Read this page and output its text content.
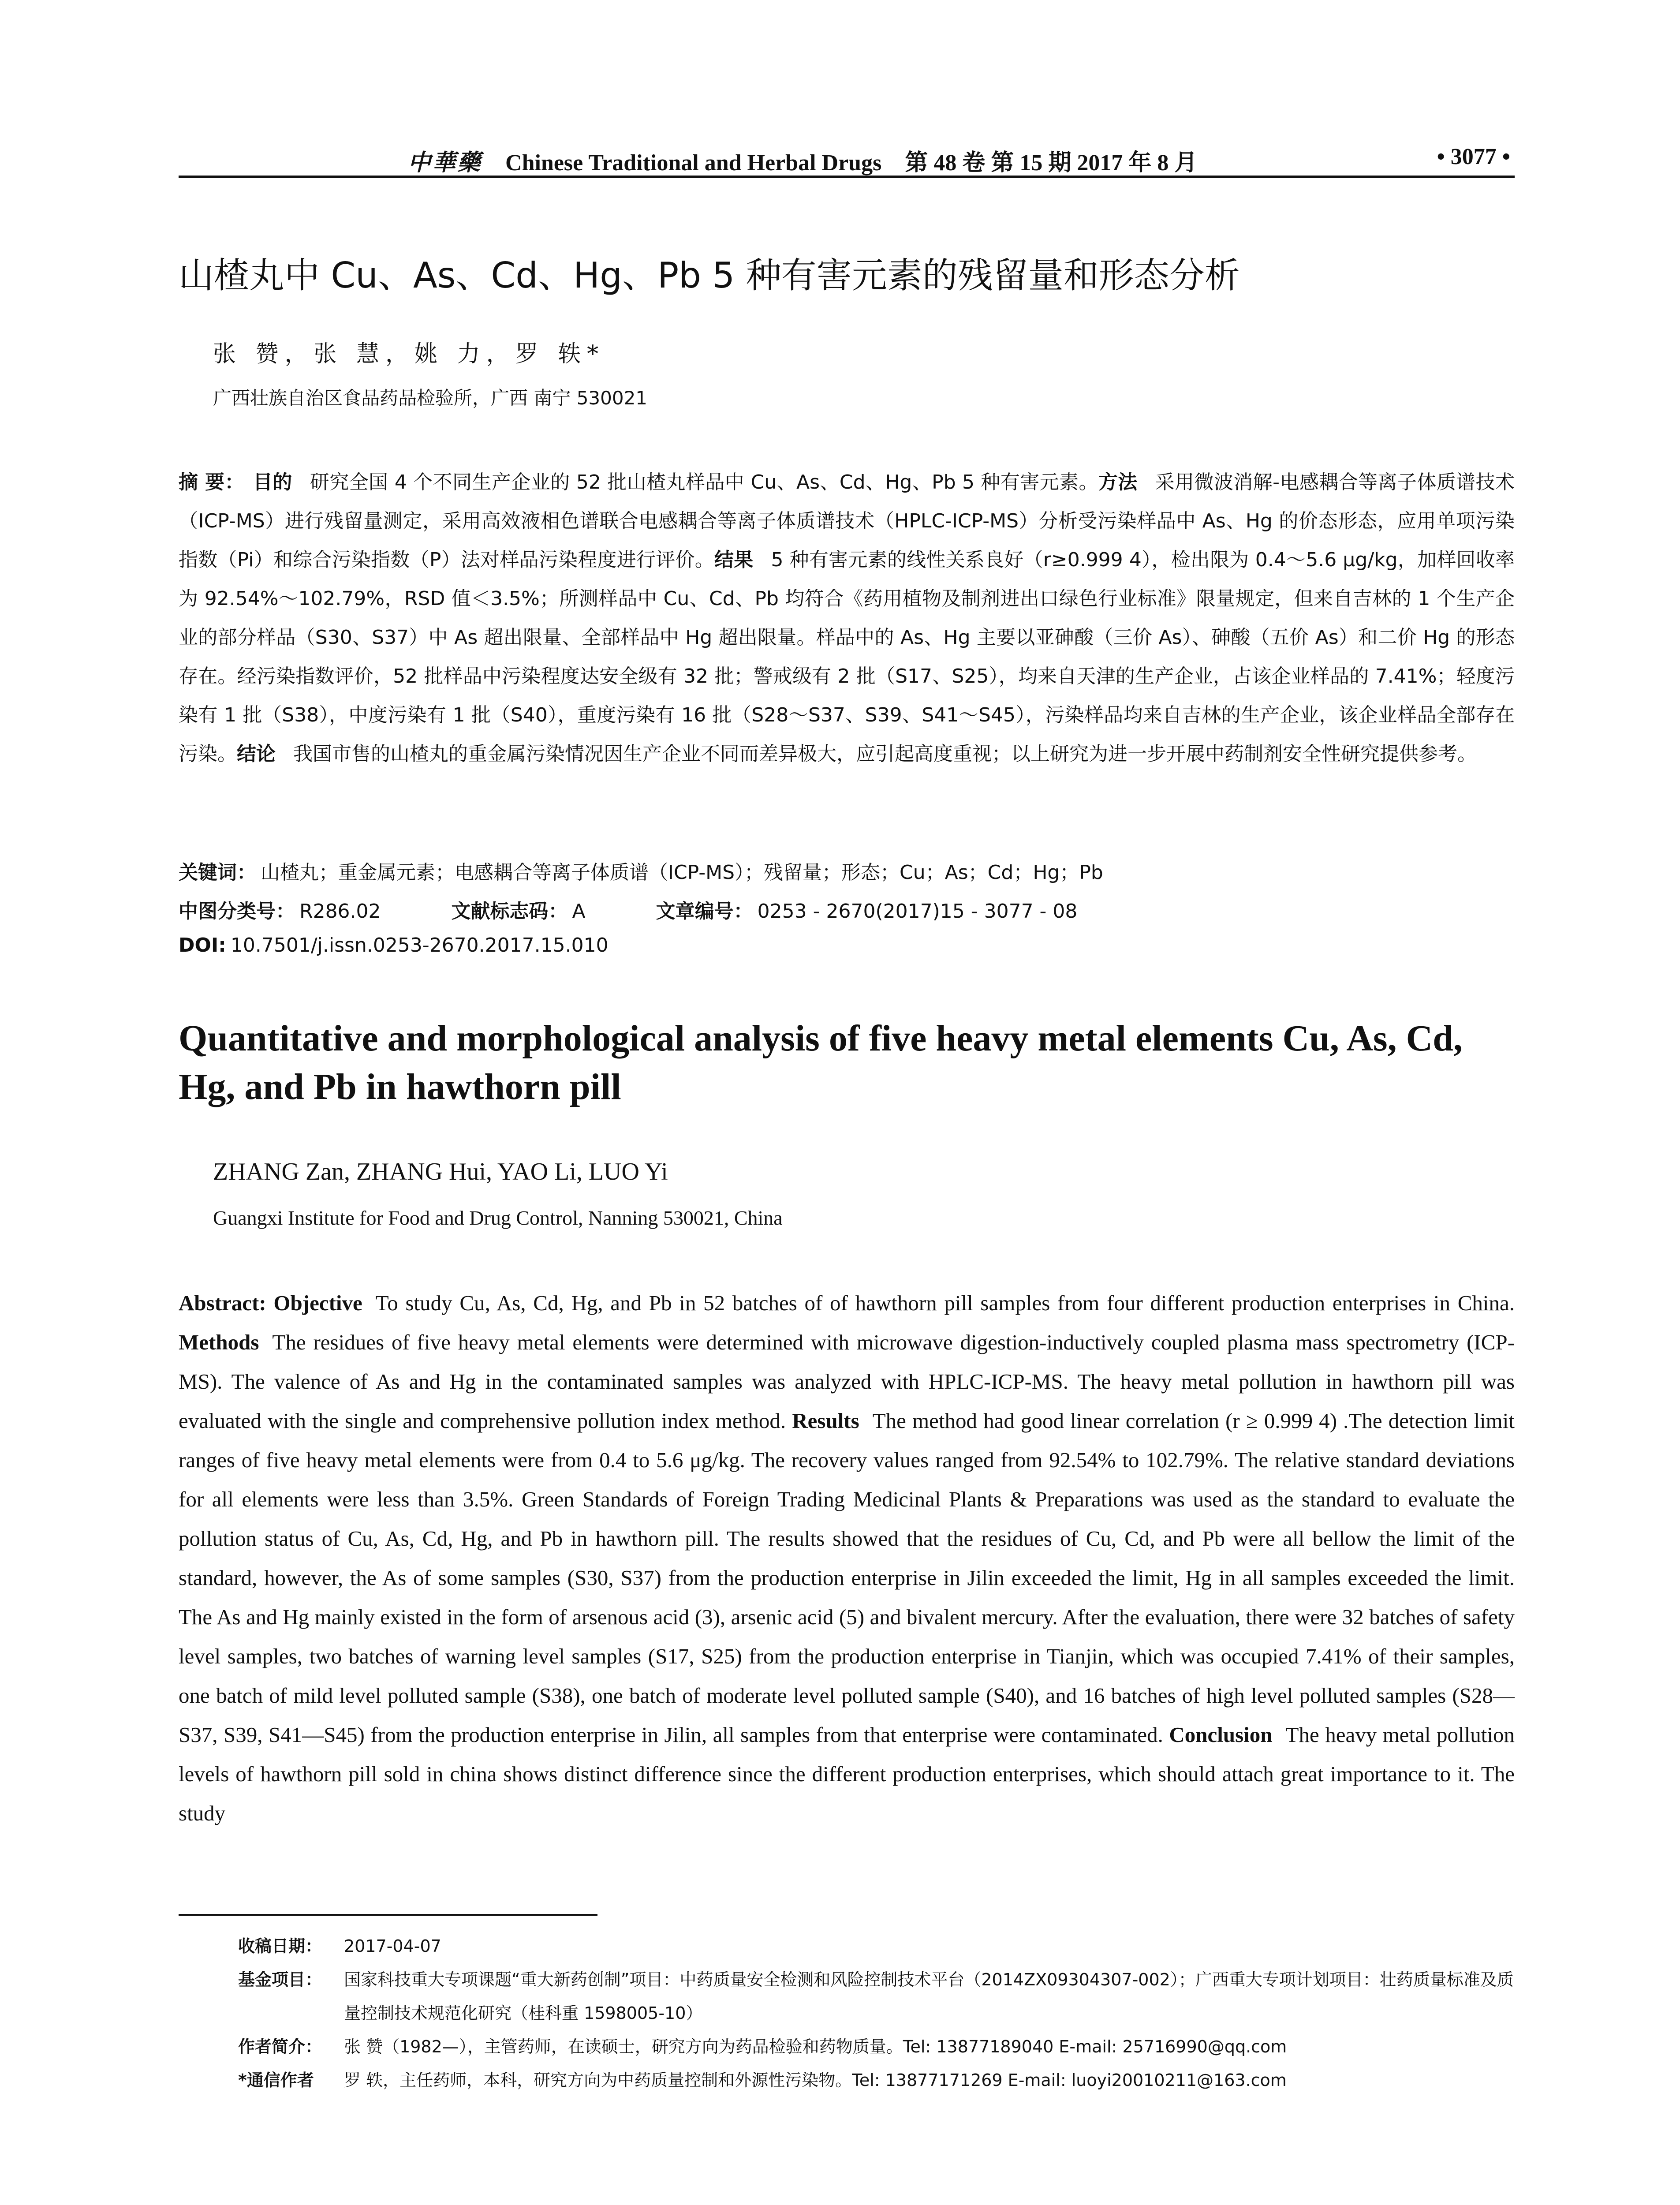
中華藥 Chinese Traditional and Herbal Drugs 第 48 卷 第 15 期 2017 年 8 月	• 3077 •
山楂丸中 Cu、As、Cd、Hg、Pb 5 种有害元素的残留量和形态分析
张 赞，张 慧，姚 力，罗 轶*
广西壮族自治区食品药品检验所，广西 南宁 530021
摘 要： 目的 研究全国 4 个不同生产企业的 52 批山楂丸样品中 Cu、As、Cd、Hg、Pb 5 种有害元素。方法 采用微波消解-电感耦合等离子体质谱技术（ICP-MS）进行残留量测定，采用高效液相色谱联合电感耦合等离子体质谱技术（HPLC-ICP-MS）分析受污染样品中 As、Hg 的价态形态，应用单项污染指数（Pi）和综合污染指数（P）法对样品污染程度进行评价。结果 5 种有害元素的线性关系良好（r≥0.999 4），检出限为 0.4～5.6 μg/kg，加样回收率为 92.54%～102.79%，RSD 值＜3.5%；所测样品中 Cu、Cd、Pb 均符合《药用植物及制剂进出口绿色行业标准》限量规定，但来自吉林的 1 个生产企业的部分样品（S30、S37）中 As 超出限量、全部样品中 Hg 超出限量。样品中的 As、Hg 主要以亚砷酸（三价 As）、砷酸（五价 As）和二价 Hg 的形态存在。经污染指数评价，52 批样品中污染程度达安全级有 32 批；警戒级有 2 批（S17、S25），均来自天津的生产企业，占该企业样品的 7.41%；轻度污染有 1 批（S38），中度污染有 1 批（S40），重度污染有 16 批（S28～S37、S39、S41～S45），污染样品均来自吉林的生产企业，该企业样品全部存在污染。结论 我国市售的山楂丸的重金属污染情况因生产企业不同而差异极大，应引起高度重视；以上研究为进一步开展中药制剂安全性研究提供参考。
关键词： 山楂丸；重金属元素；电感耦合等离子体质谱（ICP-MS）；残留量；形态；Cu；As；Cd；Hg；Pb
中图分类号： R286.02	文献标志码： A	文章编号： 0253 - 2670(2017)15 - 3077 - 08
DOI: 10.7501/j.issn.0253-2670.2017.15.010
Quantitative and morphological analysis of five heavy metal elements Cu, As, Cd, Hg, and Pb in hawthorn pill
ZHANG Zan, ZHANG Hui, YAO Li, LUO Yi
Guangxi Institute for Food and Drug Control, Nanning 530021, China
Abstract: Objective To study Cu, As, Cd, Hg, and Pb in 52 batches of of hawthorn pill samples from four different production enterprises in China. Methods The residues of five heavy metal elements were determined with microwave digestion-inductively coupled plasma mass spectrometry (ICP-MS). The valence of As and Hg in the contaminated samples was analyzed with HPLC-ICP-MS. The heavy metal pollution in hawthorn pill was evaluated with the single and comprehensive pollution index method. Results The method had good linear correlation (r ≥ 0.999 4) .The detection limit ranges of five heavy metal elements were from 0.4 to 5.6 μg/kg. The recovery values ranged from 92.54% to 102.79%. The relative standard deviations for all elements were less than 3.5%. Green Standards of Foreign Trading Medicinal Plants & Preparations was used as the standard to evaluate the pollution status of Cu, As, Cd, Hg, and Pb in hawthorn pill. The results showed that the residues of Cu, Cd, and Pb were all bellow the limit of the standard, however, the As of some samples (S30, S37) from the production enterprise in Jilin exceeded the limit, Hg in all samples exceeded the limit. The As and Hg mainly existed in the form of arsenous acid (3), arsenic acid (5) and bivalent mercury. After the evaluation, there were 32 batches of safety level samples, two batches of warning level samples (S17, S25) from the production enterprise in Tianjin, which was occupied 7.41% of their samples, one batch of mild level polluted sample (S38), one batch of moderate level polluted sample (S40), and 16 batches of high level polluted samples (S28—S37, S39, S41—S45) from the production enterprise in Jilin, all samples from that enterprise were contaminated. Conclusion The heavy metal pollution levels of hawthorn pill sold in china shows distinct difference since the different production enterprises, which should attach great importance to it. The study
收稿日期： 2017-04-07
基金项目： 国家科技重大专项课题“重大新药创制”项目：中药质量安全检测和风险控制技术平台（2014ZX09304307-002）；广西重大专项计划项目：壮药质量标准及质量控制技术规范化研究（桂科重 1598005-10）
作者简介： 张 赞（1982—），主管药师，在读硕士，研究方向为药品检验和药物质量。Tel: 13877189040 E-mail: 25716990@qq.com
*通信作者 罗 轶，主任药师，本科，研究方向为中药质量控制和外源性污染物。Tel: 13877171269 E-mail: luoyi20010211@163.com
